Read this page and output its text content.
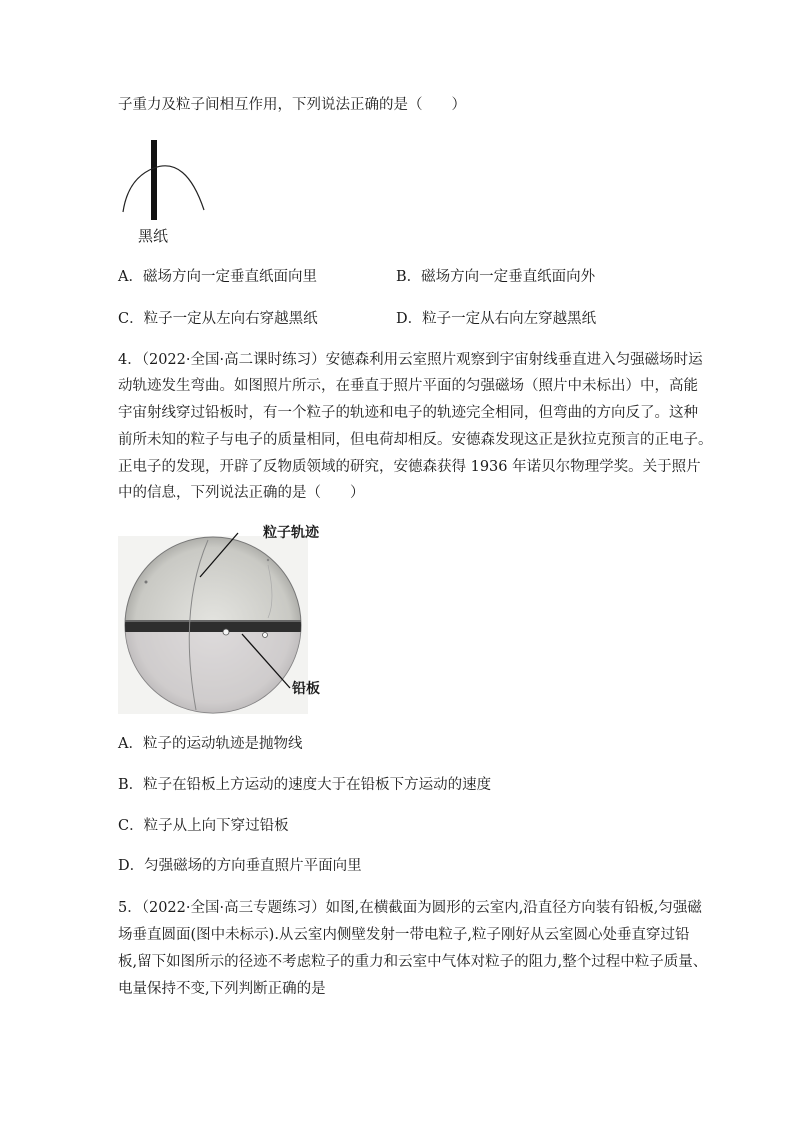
子重力及粒子间相互作用，下列说法正确的是（　　）
黑纸
A．磁场方向一定垂直纸面向里	B．磁场方向一定垂直纸面向外
C．粒子一定从左向右穿越黑纸	D．粒子一定从右向左穿越黑纸
4．（2022·全国·高二课时练习）安德森利用云室照片观察到宇宙射线垂直进入匀强磁场时运
动轨迹发生弯曲。如图照片所示，在垂直于照片平面的匀强磁场（照片中未标出）中，高能
宇宙射线穿过铅板时，有一个粒子的轨迹和电子的轨迹完全相同，但弯曲的方向反了。这种
前所未知的粒子与电子的质量相同，但电荷却相反。安德森发现这正是狄拉克预言的正电子。
正电子的发现，开辟了反物质领域的研究，安德森获得 1936 年诺贝尔物理学奖。关于照片
中的信息，下列说法正确的是（　　）
粒子轨迹
铅板
A．粒子的运动轨迹是抛物线
B．粒子在铅板上方运动的速度大于在铅板下方运动的速度
C．粒子从上向下穿过铅板
D．匀强磁场的方向垂直照片平面向里
5．（2022·全国·高三专题练习）如图,在横截面为圆形的云室内,沿直径方向装有铅板,匀强磁
场垂直圆面(图中未标示).从云室内侧壁发射一带电粒子,粒子刚好从云室圆心处垂直穿过铅
板,留下如图所示的径迹不考虑粒子的重力和云室中气体对粒子的阻力,整个过程中粒子质量、
电量保持不变,下列判断正确的是
